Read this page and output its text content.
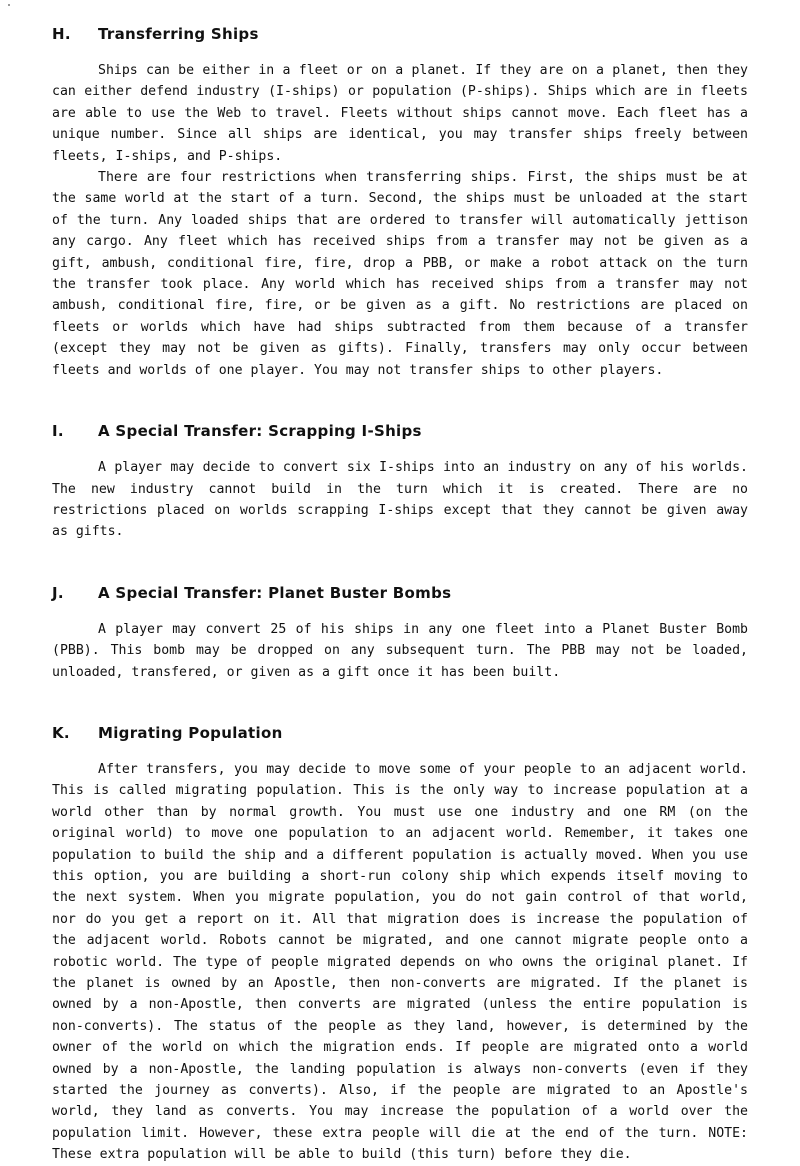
H.	Transferring Ships

Ships can be either in a fleet or on a planet. If they are on a planet, then they can either defend industry (I-ships) or population (P-ships). Ships which are in fleets are able to use the Web to travel. Fleets without ships cannot move. Each fleet has a unique number. Since all ships are identical, you may transfer ships freely between fleets, I-ships, and P-ships.

There are four restrictions when transferring ships. First, the ships must be at the same world at the start of a turn. Second, the ships must be unloaded at the start of the turn. Any loaded ships that are ordered to transfer will automatically jettison any cargo. Any fleet which has received ships from a transfer may not be given as a gift, ambush, conditional fire, fire, drop a PBB, or make a robot attack on the turn the transfer took place. Any world which has received ships from a transfer may not ambush, conditional fire, fire, or be given as a gift. No restrictions are placed on fleets or worlds which have had ships subtracted from them because of a transfer (except they may not be given as gifts). Finally, transfers may only occur between fleets and worlds of one player. You may not transfer ships to other players.

I.	A Special Transfer: Scrapping I-Ships

A player may decide to convert six I-ships into an industry on any of his worlds. The new industry cannot build in the turn which it is created. There are no restrictions placed on worlds scrapping I-ships except that they cannot be given away as gifts.

J.	A Special Transfer: Planet Buster Bombs

A player may convert 25 of his ships in any one fleet into a Planet Buster Bomb (PBB). This bomb may be dropped on any subsequent turn. The PBB may not be loaded, unloaded, transfered, or given as a gift once it has been built.

K.	Migrating Population

After transfers, you may decide to move some of your people to an adjacent world. This is called migrating population. This is the only way to increase population at a world other than by normal growth. You must use one industry and one RM (on the original world) to move one population to an adjacent world. Remember, it takes one population to build the ship and a different population is actually moved. When you use this option, you are building a short-run colony ship which expends itself moving to the next system. When you migrate population, you do not gain control of that world, nor do you get a report on it. All that migration does is increase the population of the adjacent world. Robots cannot be migrated, and one cannot migrate people onto a robotic world. The type of people migrated depends on who owns the original planet. If the planet is owned by an Apostle, then non-converts are migrated. If the planet is owned by a non-Apostle, then converts are migrated (unless the entire population is non-converts). The status of the people as they land, however, is determined by the owner of the world on which the migration ends. If people are migrated onto a world owned by a non-Apostle, the landing population is always non-converts (even if they started the journey as converts). Also, if the people are migrated to an Apostle's world, they land as converts. You may increase the population of a world over the population limit. However, these extra people will die at the end of the turn. NOTE: These extra population will be able to build (this turn) before they die.
